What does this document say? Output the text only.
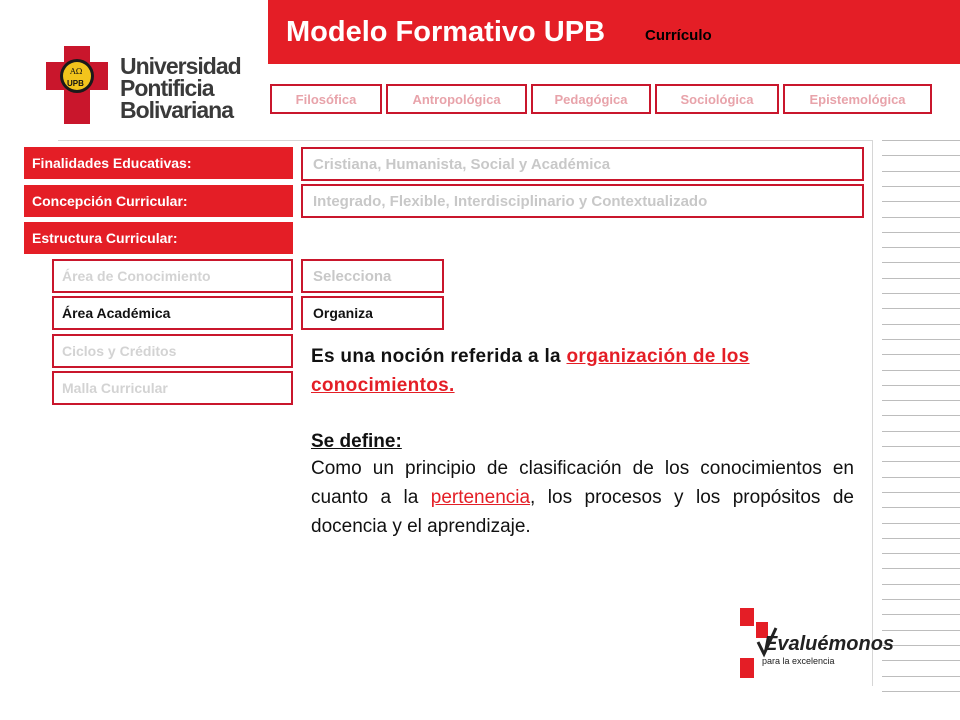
Modelo Formativo UPB	Currículo
ΑΩ
UPB
Universidad
Pontificia
Bolivariana	Filosófica	Antropológica	Pedagógica	Sociológica	Epistemológica
Finalidades Educativas:	Cristiana, Humanista, Social y Académica
Concepción Curricular:	Integrado, Flexible, Interdisciplinario y Contextualizado
Estructura Curricular:
Área de Conocimiento	Selecciona
Área Académica	Organiza
Ciclos y Créditos
Malla Curricular
Es una noción referida a la organización de los conocimientos.
Se define:
Como un principio de clasificación de los conocimientos en cuanto a la pertenencia, los procesos y los propósitos de docencia y el aprendizaje.
Evaluémonos
para la excelencia
